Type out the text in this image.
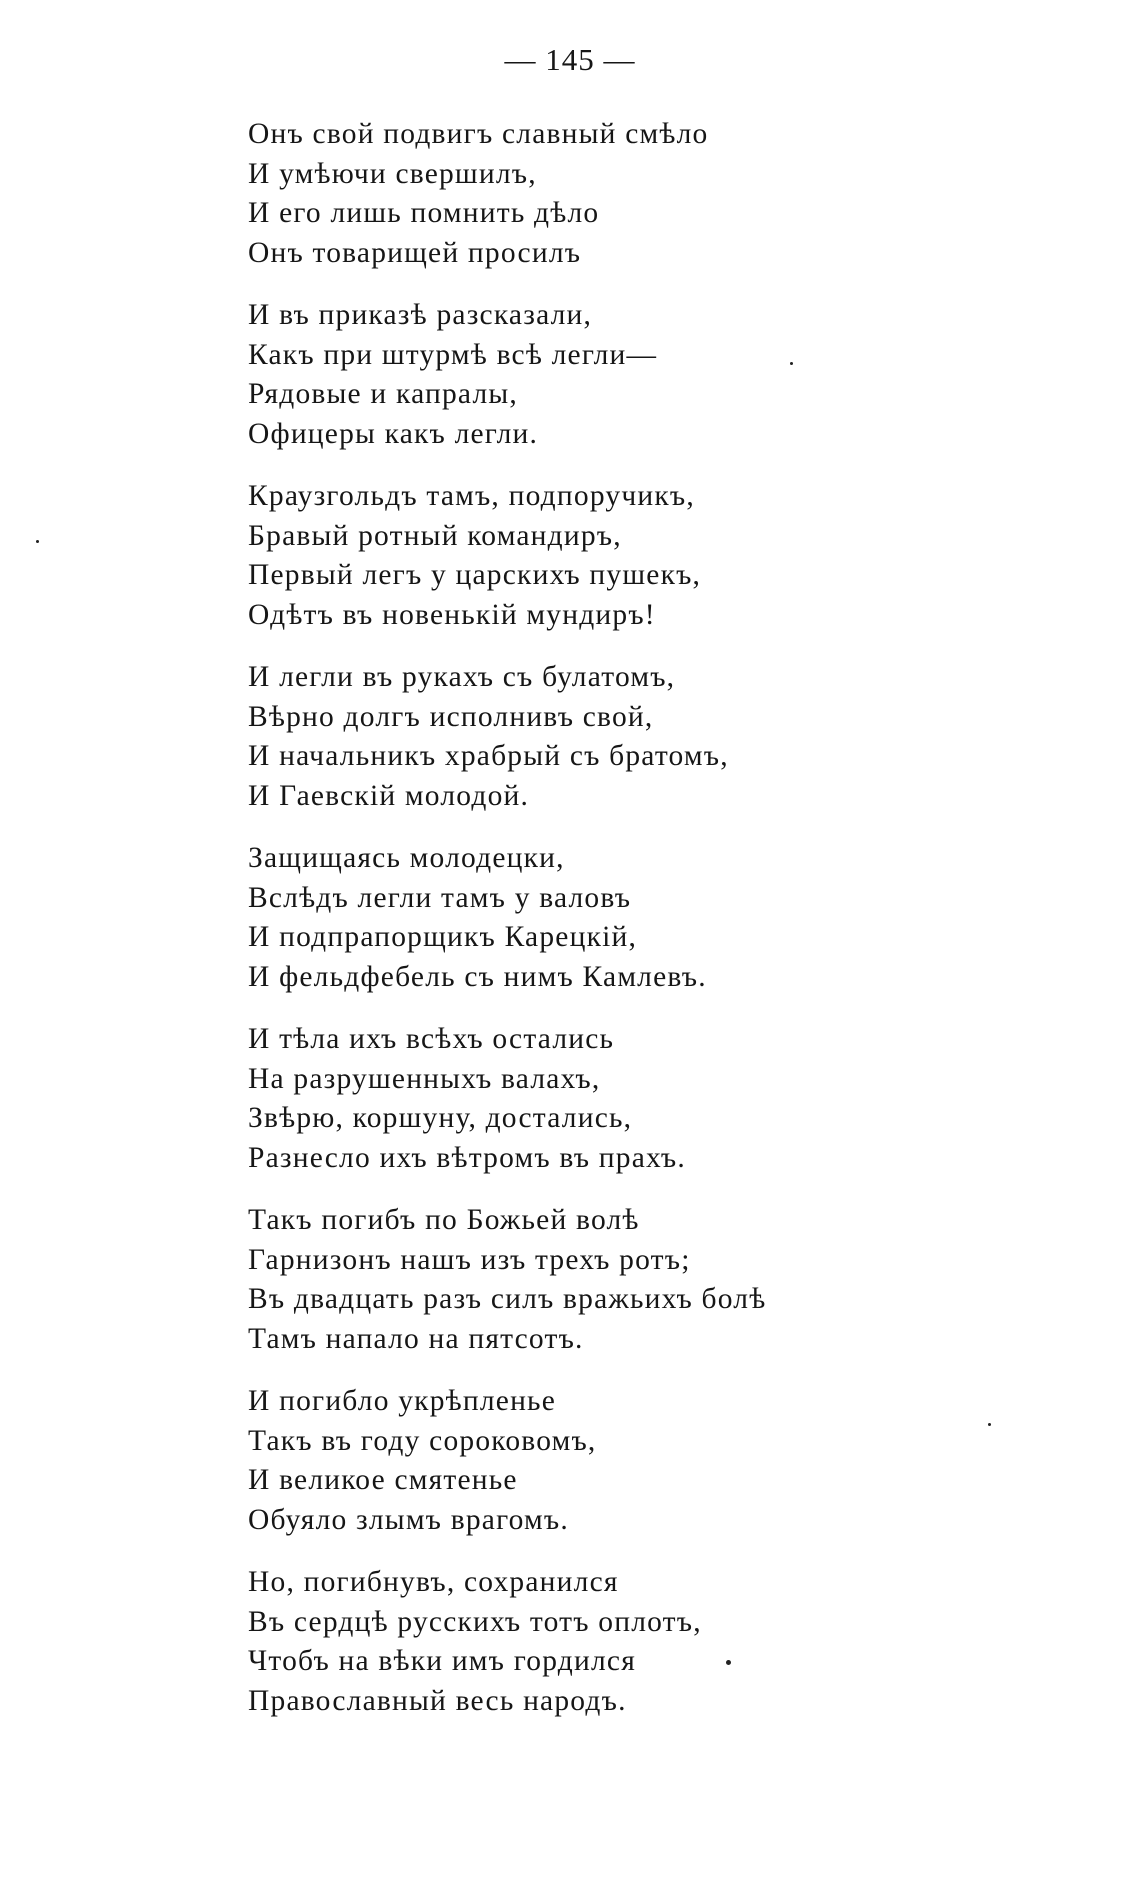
— 145 —
Онъ свой подвигъ славный смѣло
И умѣючи свершилъ,
И его лишь помнить дѣло
Онъ товарищей просилъ
И въ приказѣ разсказали,
Какъ при штурмѣ всѣ легли—
Рядовые и капралы,
Офицеры какъ легли.
Краузгольдъ тамъ, подпоручикъ,
Бравый ротный командиръ,
Первый легъ у царскихъ пушекъ,
Одѣтъ въ новенькій мундиръ!
И легли въ рукахъ съ булатомъ,
Вѣрно долгъ исполнивъ свой,
И начальникъ храбрый съ братомъ,
И Гаевскій молодой.
Защищаясь молодецки,
Вслѣдъ легли тамъ у валовъ
И подпрапорщикъ Карецкій,
И фельдфебель съ нимъ Камлевъ.
И тѣла ихъ всѣхъ остались
На разрушенныхъ валахъ,
Звѣрю, коршуну, достались,
Разнесло ихъ вѣтромъ въ прахъ.
Такъ погибъ по Божьей волѣ
Гарнизонъ нашъ изъ трехъ ротъ;
Въ двадцать разъ силъ вражьихъ болѣ
Тамъ напало на пятсотъ.
И погибло укрѣпленье
Такъ въ году сороковомъ,
И великое смятенье
Обуяло злымъ врагомъ.
Но, погибнувъ, сохранился
Въ сердцѣ русскихъ тотъ оплотъ,
Чтобъ на вѣки имъ гордился
Православный весь народъ.
